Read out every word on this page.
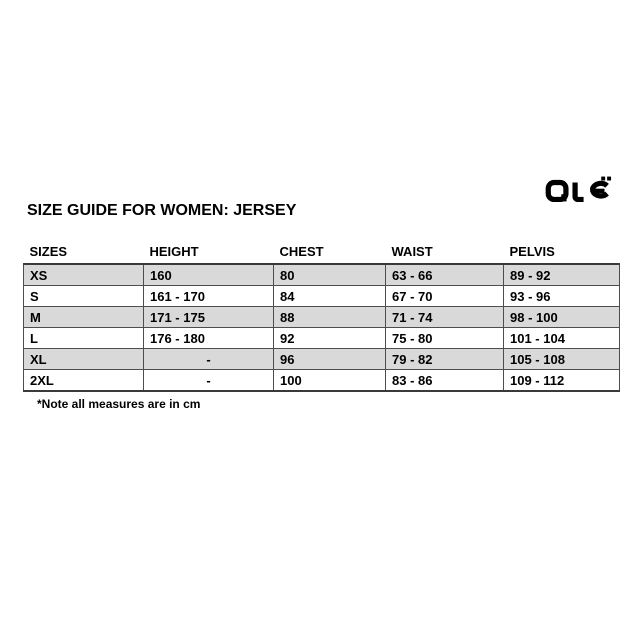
SIZE GUIDE FOR WOMEN: JERSEY
SIZES	HEIGHT	CHEST	WAIST	PELVIS
XS	160	80	63 - 66	89 - 92
S	161 - 170	84	67 - 70	93 - 96
M	171 - 175	88	71 - 74	98 - 100
L	176 - 180	92	75 - 80	101 - 104
XL	-	96	79 - 82	105 - 108
2XL	-	100	83 - 86	109 - 112

*Note all measures are in cm
